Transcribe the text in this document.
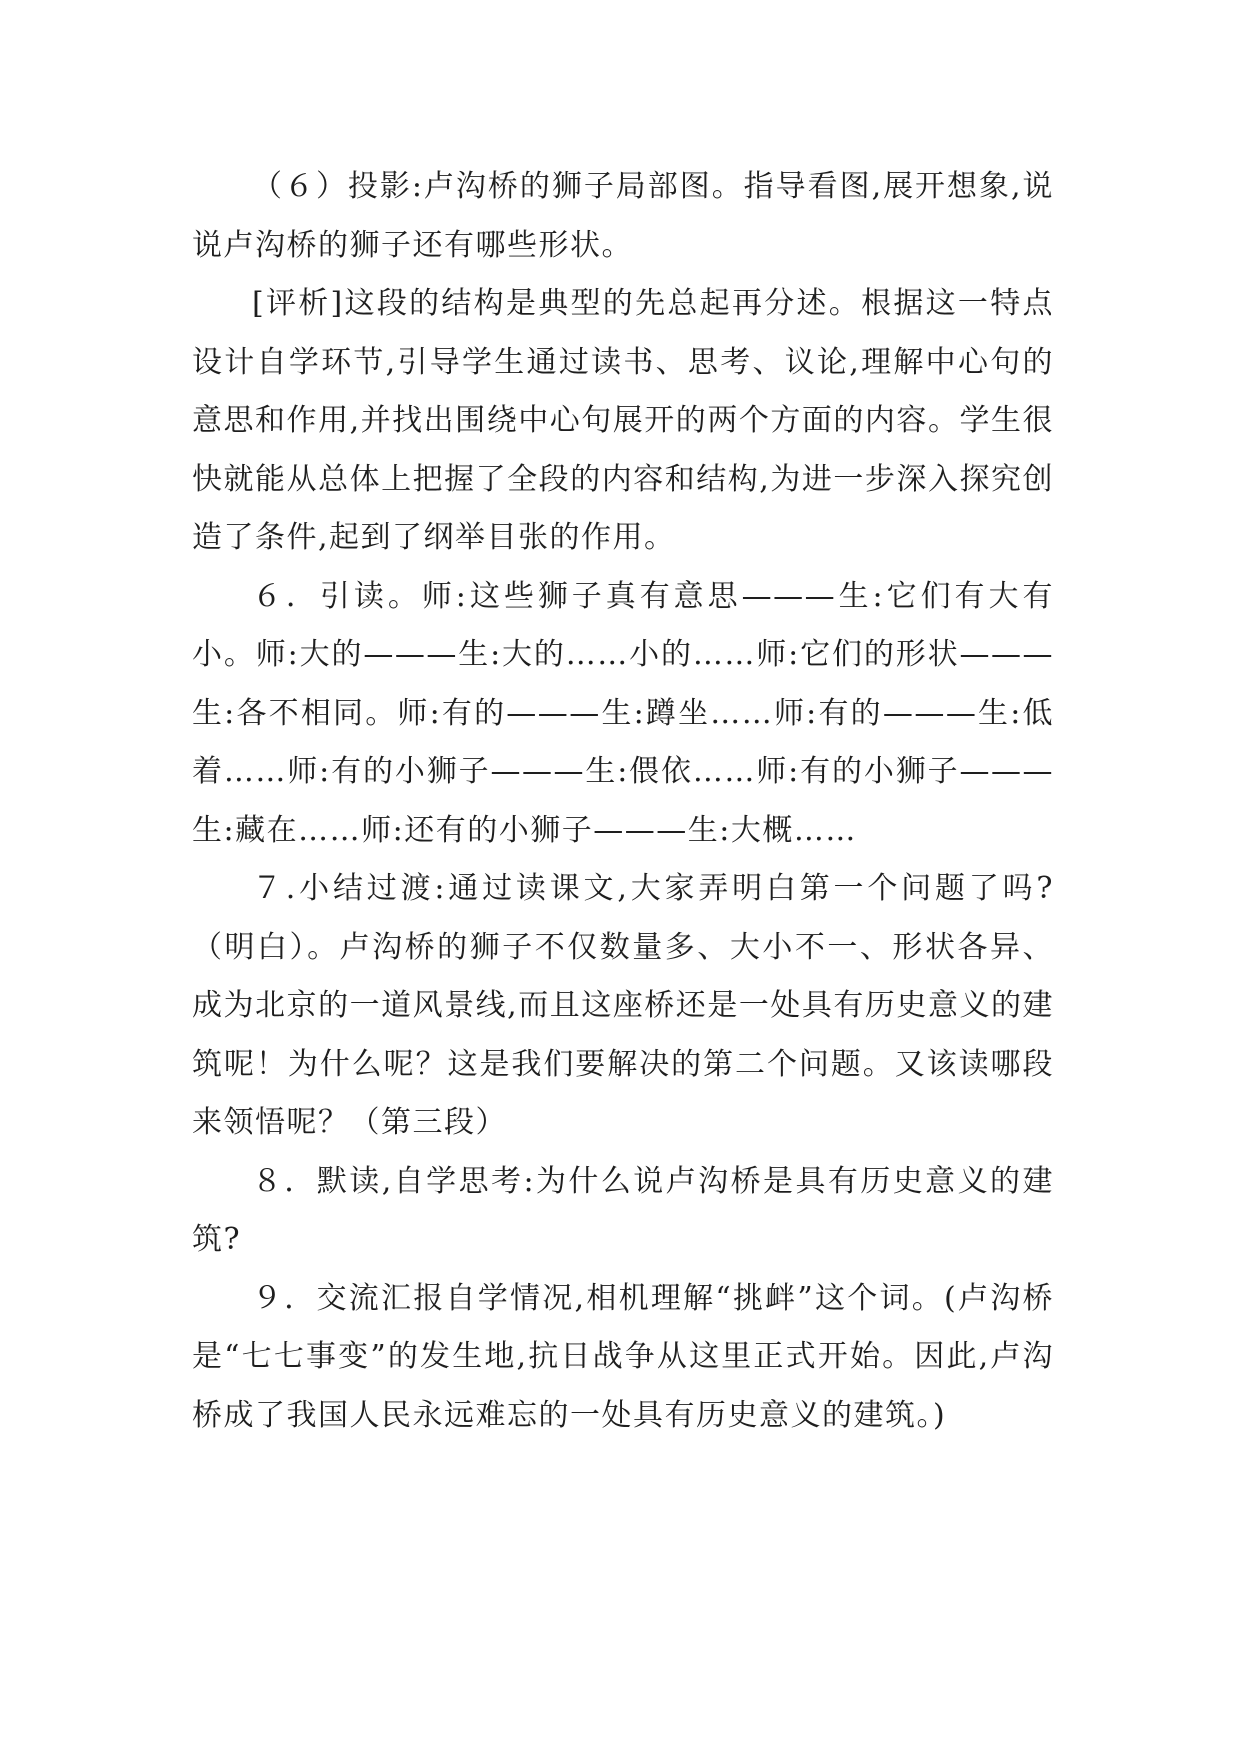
（６）投影:卢沟桥的狮子局部图。指导看图,展开想象,说说卢沟桥的狮子还有哪些形状。

[评析]这段的结构是典型的先总起再分述。根据这一特点设计自学环节,引导学生通过读书、思考、议论,理解中心句的意思和作用,并找出围绕中心句展开的两个方面的内容。学生很快就能从总体上把握了全段的内容和结构,为进一步深入探究创造了条件,起到了纲举目张的作用。

６．引读。师:这些狮子真有意思———生:它们有大有小。师:大的———生:大的……小的……师:它们的形状———生:各不相同。师:有的———生:蹲坐……师:有的———生:低着……师:有的小狮子———生:偎依……师:有的小狮子———生:藏在……师:还有的小狮子———生:大概……

７.小结过渡:通过读课文,大家弄明白第一个问题了吗?（明白）。卢沟桥的狮子不仅数量多、大小不一、形状各异、成为北京的一道风景线,而且这座桥还是一处具有历史意义的建筑呢！为什么呢？这是我们要解决的第二个问题。又该读哪段来领悟呢？（第三段）

８．默读,自学思考:为什么说卢沟桥是具有历史意义的建筑?

９．交流汇报自学情况,相机理解“挑衅”这个词。(卢沟桥是“七七事变”的发生地,抗日战争从这里正式开始。因此,卢沟桥成了我国人民永远难忘的一处具有历史意义的建筑。)
